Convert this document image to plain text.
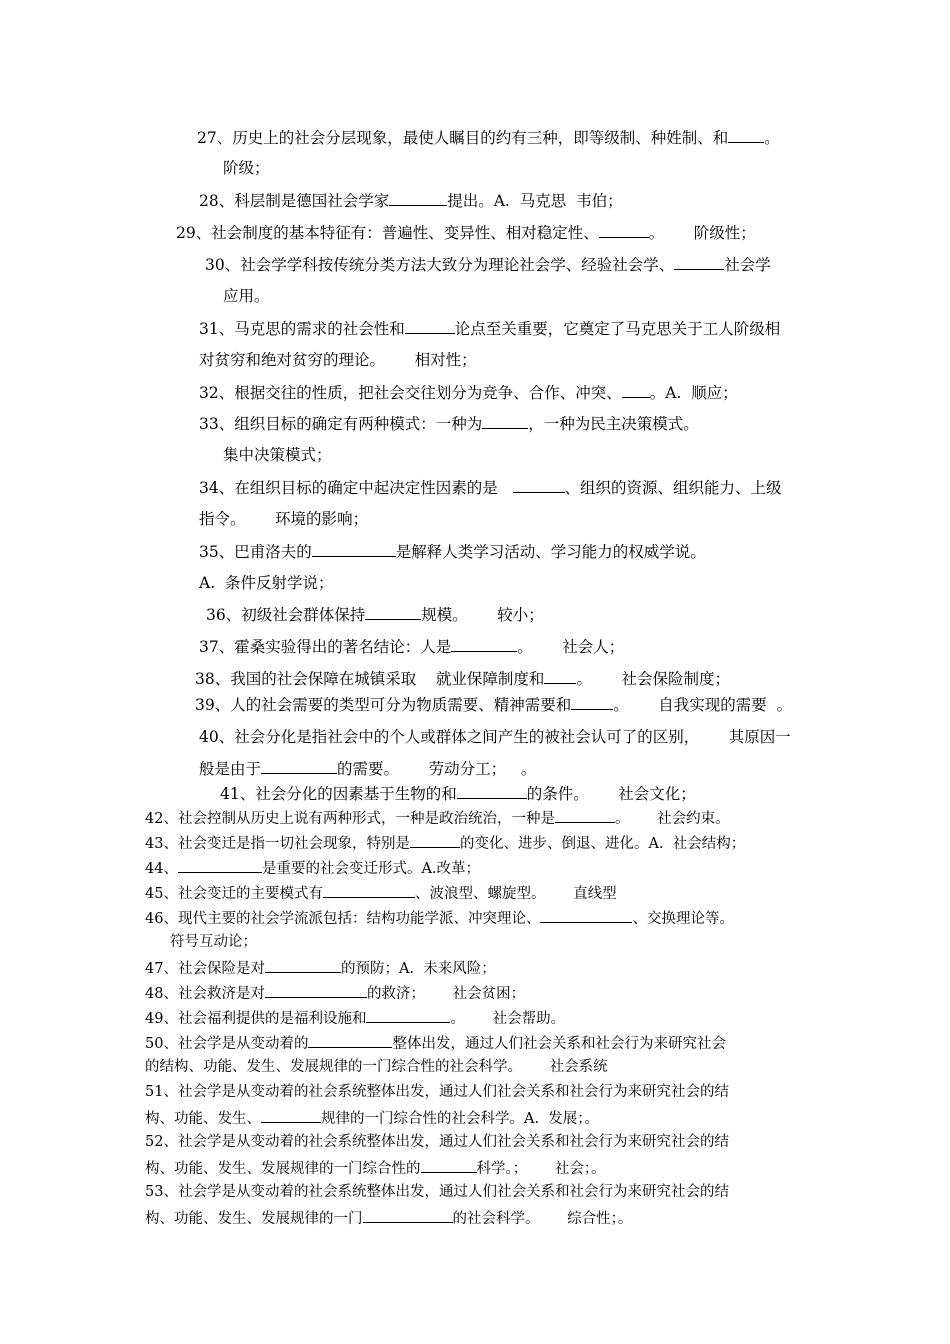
27、历史上的社会分层现象，最使人瞩目的约有三种，即等级制、种姓制、和 。
阶级；
28、科层制是德国社会学家	提出。A.  马克思  韦伯；
29、社会制度的基本特征有：普遍性、变异性、相对稳定性、	。      阶级性；
30、社会学学科按传统分类方法大致分为理论社会学、经验社会学、	社会学
应用。
31、马克思的需求的社会性和	论点至关重要，它奠定了马克思关于工人阶级相
对贫穷和绝对贫穷的理论。      相对性；
32、根据交往的性质，把社会交往划分为竞争、合作、冲突、 。A.  顺应；
33、组织目标的确定有两种模式：一种为	，一种为民主决策模式。
集中决策模式；
34、在组织目标的确定中起决定性因素的是	、组织的资源、组织能力、上级
指令。      环境的影响；
35、巴甫洛夫的	是解释人类学习活动、学习能力的权威学说。
A.  条件反射学说；
36、初级社会群体保持	规模。      较小；
37、霍桑实验得出的著名结论：人是	。      社会人；
38、我国的社会保障在城镇采取    就业保障制度和 。      社会保险制度；
39、人的社会需要的类型可分为物质需要、精神需要和	。      自我实现的需要  。
40、社会分化是指社会中的个人或群体之间产生的被社会认可了的区别，      其原因一
般是由于	的需要。      劳动分工；   。
41、社会分化的因素基于生物的和	的条件。      社会文化；
42、社会控制从历史上说有两种形式，一种是政治统治，一种是	。      社会约束。
43、社会变迁是指一切社会现象，特别是	的变化、进步、倒退、进化。A.  社会结构；
44、	是重要的社会变迁形式。A.改革；
45、社会变迁的主要模式有	、波浪型、螺旋型。      直线型
46、现代主要的社会学流派包括：结构功能学派、冲突理论、	、交换理论等。
符号互动论；
47、社会保险是对	的预防；A.  未来风险；
48、社会救济是对	的救济；      社会贫困；
49、社会福利提供的是福利设施和	。      社会帮助。
50、社会学是从变动着的	整体出发，通过人们社会关系和社会行为来研究社会
的结构、功能、发生、发展规律的一门综合性的社会科学。      社会系统
51、社会学是从变动着的社会系统整体出发，通过人们社会关系和社会行为来研究社会的结
构、功能、发生、	规律的一门综合性的社会科学。A.  发展；。
52、社会学是从变动着的社会系统整体出发，通过人们社会关系和社会行为来研究社会的结
构、功能、发生、发展规律的一门综合性的	科学。；      社会；。
53、社会学是从变动着的社会系统整体出发，通过人们社会关系和社会行为来研究社会的结
构、功能、发生、发展规律的一门	的社会科学。      综合性；。
